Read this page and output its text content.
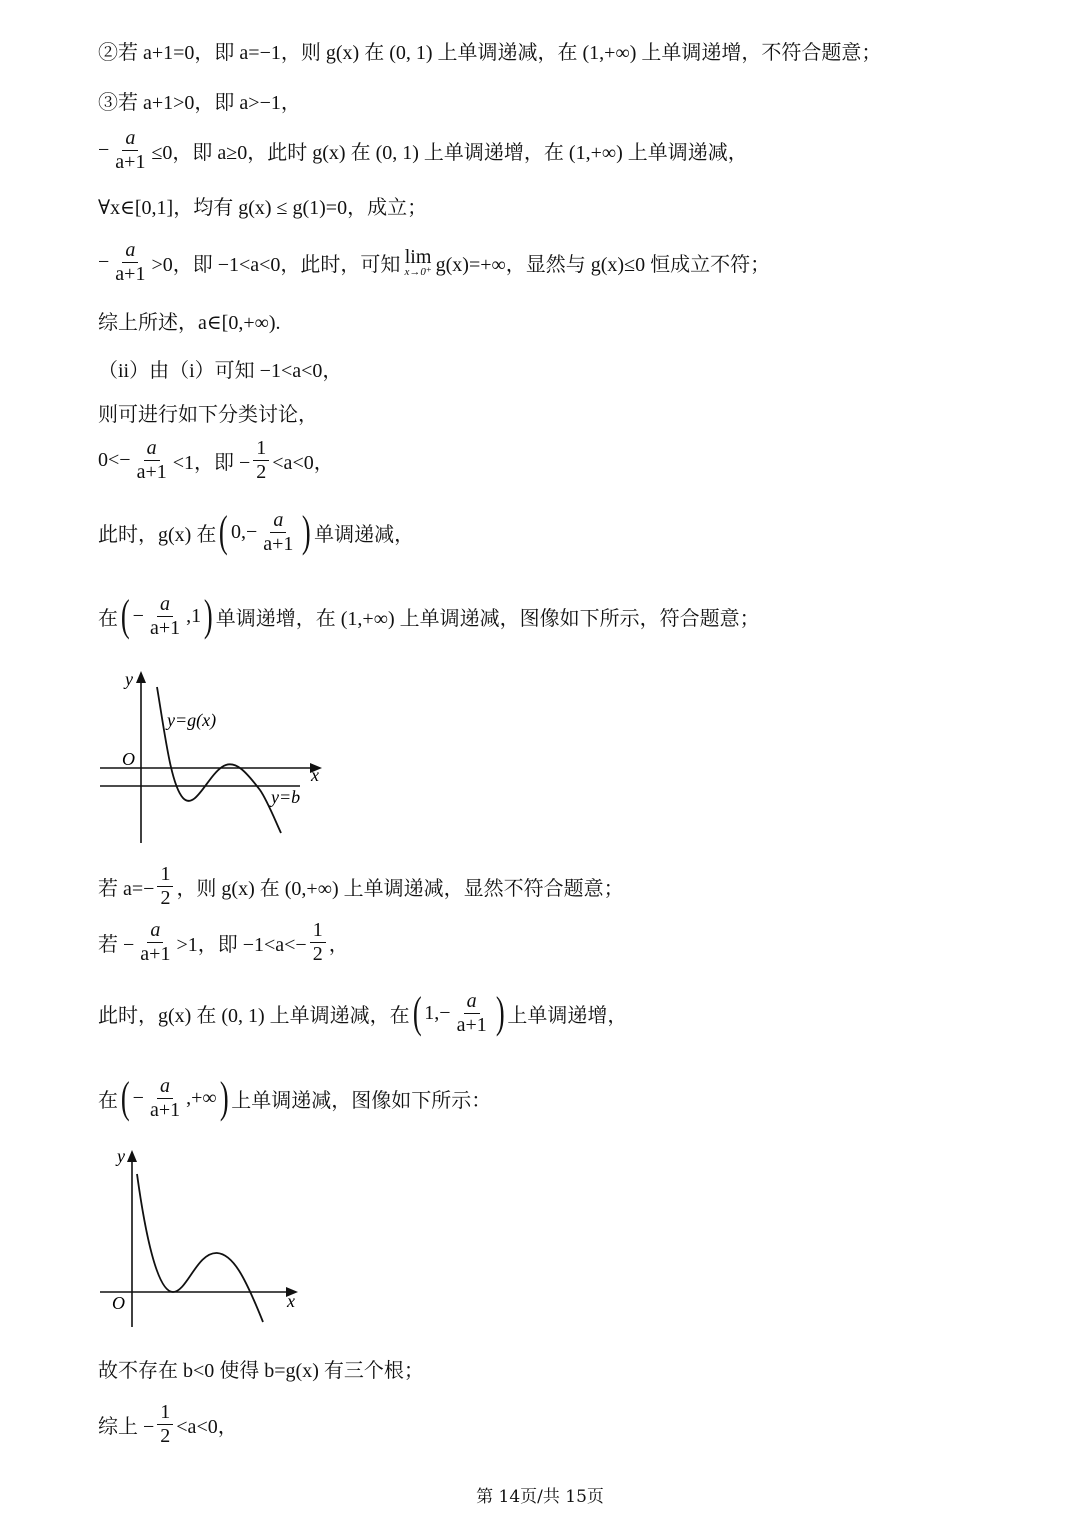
②若 a+1=0，即 a=−1，则 g(x) 在 (0, 1) 上单调递减，在 (1,+∞) 上单调递增，不符合题意；
③若 a+1>0，即 a>−1，
− $\frac{a}{a+1} \le 0$，即 a≥0，此时 g(x) 在 (0, 1) 上单调递增，在 (1,+∞) 上单调递减，
∀x∈[0,1]，均有 g(x) ≤ g(1)=0，成立；
− $\frac{a}{a+1} >0$，即 −1<a<0，此时，可知 lim
x→0⁺ g(x)=+∞，显然与 g(x)≤0 恒成立不符；
综上所述，a∈[0,+∞).
（ii）由（i）可知 −1<a<0，
则可进行如下分类讨论，
$0<- \frac{a}{a+1} <1$，即 − $\frac{1}{2} <a<0$，
此时，g(x) 在 ( $0,- \frac{a}{a+1}$ ) 单调递减，
在 ( − $\frac{a}{a+1} ,1$ ) 单调递增，在 (1,+∞) 上单调递减，图像如下所示，符合题意；
y
x
O
y=g(x)
y=b
若 $a=- \frac{1}{2}$ ，则 g(x) 在 (0,+∞) 上单调递减，显然不符合题意；
若 − $\frac{a}{a+1} >1$，即 $-1<a<- \frac{1}{2}$ ，
此时，g(x) 在 (0, 1) 上单调递减，在 ( $1,- \frac{a}{a+1}$ ) 上单调递增，
在 ( − $\frac{a}{a+1}$ ,+∞ ) 上单调递减，图像如下所示：
y
x
O
故不存在 b<0 使得 b=g(x) 有三个根；
综上 − $\frac{1}{2} <a<0$，
第 14页/共 15页
